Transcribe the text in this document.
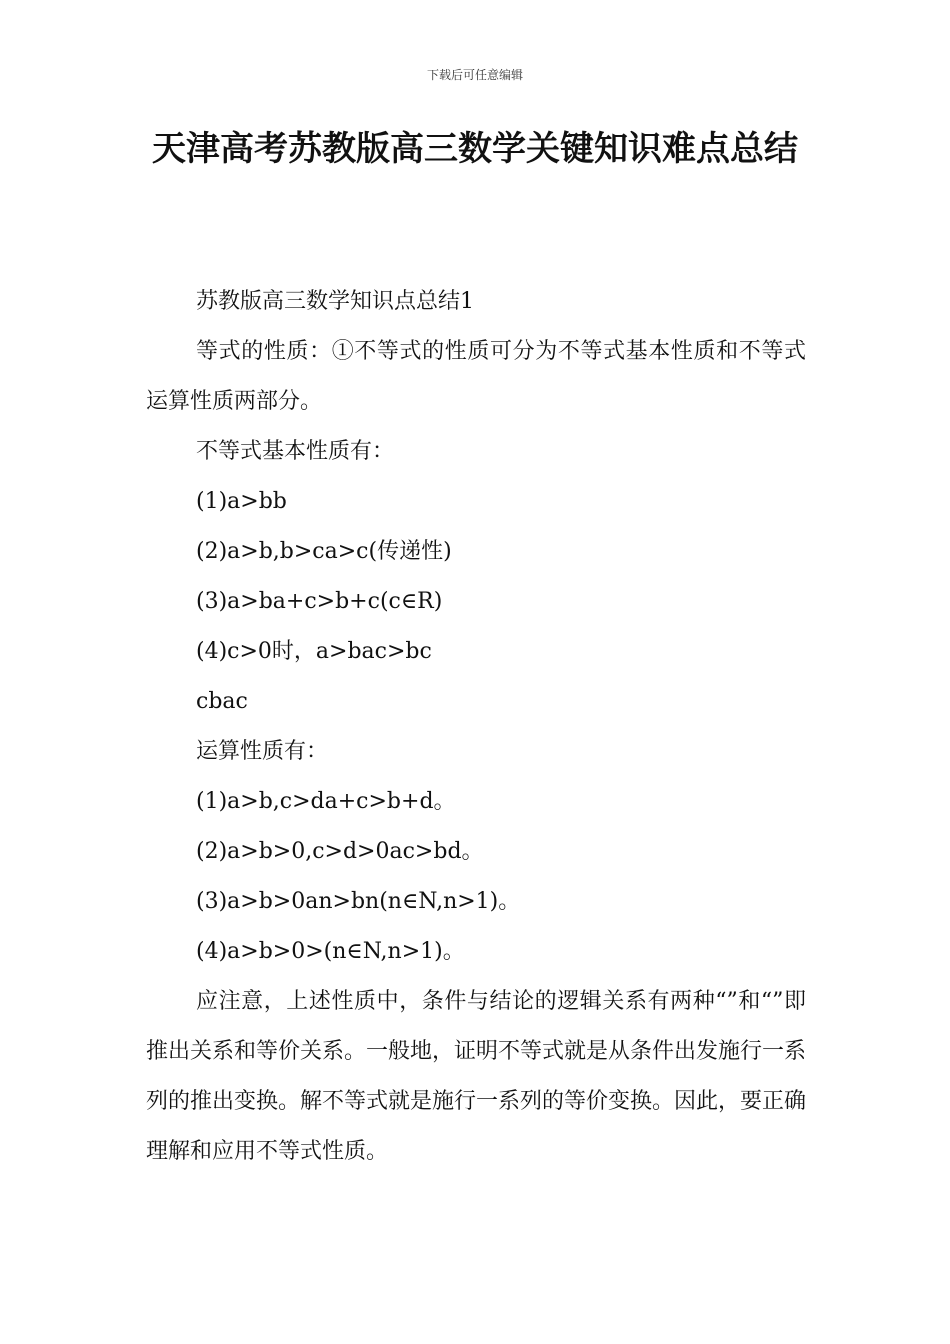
下载后可任意编辑
天津高考苏教版高三数学关键知识难点总结

苏教版高三数学知识点总结1

等式的性质：①不等式的性质可分为不等式基本性质和不等式运算性质两部分。

不等式基本性质有：

(1)a>bb

(2)a>b,b>ca>c(传递性)

(3)a>ba+c>b+c(c∈R)

(4)c>0时，a>bac>bc

cbac

运算性质有：

(1)a>b,c>da+c>b+d。

(2)a>b>0,c>d>0ac>bd。

(3)a>b>0an>bn(n∈N,n>1)。

(4)a>b>0>(n∈N,n>1)。

应注意，上述性质中，条件与结论的逻辑关系有两种“”和“”即推出关系和等价关系。一般地，证明不等式就是从条件出发施行一系列的推出变换。解不等式就是施行一系列的等价变换。因此，要正确理解和应用不等式性质。
